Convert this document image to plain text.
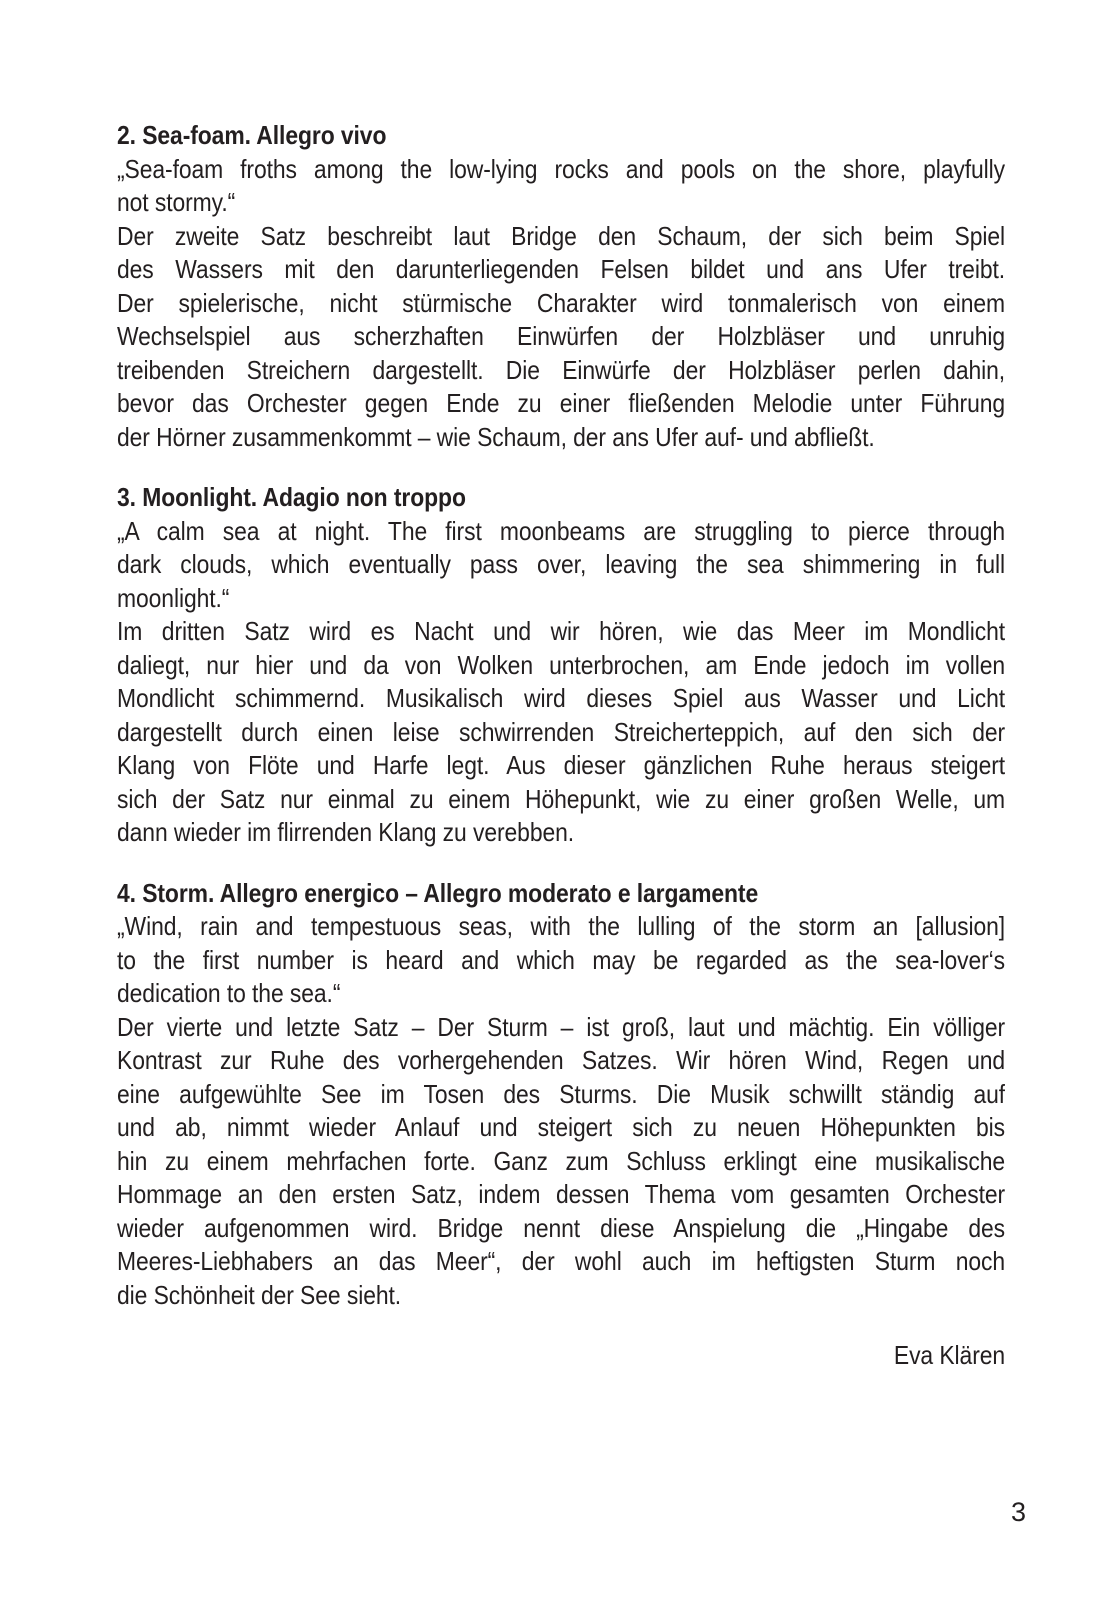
2. Sea-foam. Allegro vivo
„Sea-foam froths among the low-lying rocks and pools on the shore, playfully
not stormy.“
Der zweite Satz beschreibt laut Bridge den Schaum, der sich beim Spiel
des Wassers mit den darunterliegenden Felsen bildet und ans Ufer treibt.
Der spielerische, nicht stürmische Charakter wird tonmalerisch von einem
Wechselspiel aus scherzhaften Einwürfen der Holzbläser und unruhig
treibenden Streichern dargestellt. Die Einwürfe der Holzbläser perlen dahin,
bevor das Orchester gegen Ende zu einer fließenden Melodie unter Führung
der Hörner zusammenkommt – wie Schaum, der ans Ufer auf- und abfließt.
3. Moonlight. Adagio non troppo
„A calm sea at night. The first moonbeams are struggling to pierce through
dark clouds, which eventually pass over, leaving the sea shimmering in full
moonlight.“
Im dritten Satz wird es Nacht und wir hören, wie das Meer im Mondlicht
daliegt, nur hier und da von Wolken unterbrochen, am Ende jedoch im vollen
Mondlicht schimmernd. Musikalisch wird dieses Spiel aus Wasser und Licht
dargestellt durch einen leise schwirrenden Streicherteppich, auf den sich der
Klang von Flöte und Harfe legt. Aus dieser gänzlichen Ruhe heraus steigert
sich der Satz nur einmal zu einem Höhepunkt, wie zu einer großen Welle, um
dann wieder im flirrenden Klang zu verebben.
4. Storm. Allegro energico – Allegro moderato e largamente
„Wind, rain and tempestuous seas, with the lulling of the storm an [allusion]
to the first number is heard and which may be regarded as the sea-lover‘s
dedication to the sea.“
Der vierte und letzte Satz – Der Sturm – ist groß, laut und mächtig. Ein völliger
Kontrast zur Ruhe des vorhergehenden Satzes. Wir hören Wind, Regen und
eine aufgewühlte See im Tosen des Sturms. Die Musik schwillt ständig auf
und ab, nimmt wieder Anlauf und steigert sich zu neuen Höhepunkten bis
hin zu einem mehrfachen forte. Ganz zum Schluss erklingt eine musikalische
Hommage an den ersten Satz, indem dessen Thema vom gesamten Orchester
wieder aufgenommen wird. Bridge nennt diese Anspielung die „Hingabe des
Meeres-Liebhabers an das Meer“, der wohl auch im heftigsten Sturm noch
die Schönheit der See sieht.
Eva Klären
3
